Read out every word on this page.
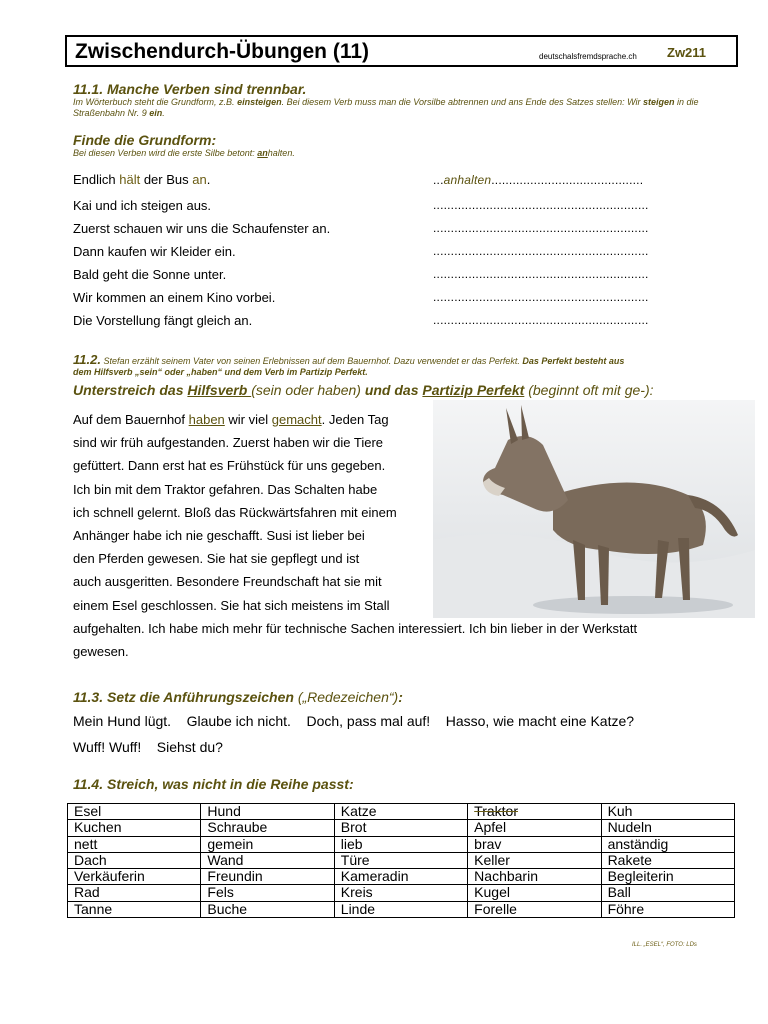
Zwischendurch-Übungen (11)	deutschalsfremdsprache.ch Zw211
11.1. Manche Verben sind trennbar.
Im Wörterbuch steht die Grundform, z.B. einsteigen. Bei diesem Verb muss man die Vorsilbe abtrennen und ans Ende des Satzes stellen: Wir steigen in die Straßenbahn Nr. 9 ein.
Finde die Grundform:
Bei diesen Verben wird die erste Silbe betont: anhalten.
Endlich hält der Bus an.	...anhalten...........................................
Kai und ich steigen aus.	.............................................................
Zuerst schauen wir uns die Schaufenster an.	.............................................................
Dann kaufen wir Kleider ein.	.............................................................
Bald geht die Sonne unter.	.............................................................
Wir kommen an einem Kino vorbei.	.............................................................
Die Vorstellung fängt gleich an.	.............................................................
11.2. Stefan erzählt seinem Vater von seinen Erlebnissen auf dem Bauernhof. Dazu verwendet er das Perfekt. Das Perfekt besteht aus
dem Hilfsverb „sein“ oder „haben“ und dem Verb im Partizip Perfekt.
Unterstreich das Hilfsverb (sein oder haben) und das Partizip Perfekt (beginnt oft mit ge-):
Auf dem Bauernhof haben wir viel gemacht. Jeden Tag
sind wir früh aufgestanden. Zuerst haben wir die Tiere
gefüttert. Dann erst hat es Frühstück für uns gegeben.
Ich bin mit dem Traktor gefahren. Das Schalten habe
ich schnell gelernt. Bloß das Rückwärtsfahren mit einem
Anhänger habe ich nie geschafft. Susi ist lieber bei
den Pferden gewesen. Sie hat sie gepflegt und ist
auch ausgeritten. Besondere Freundschaft hat sie mit
einem Esel geschlossen. Sie hat sich meistens im Stall
aufgehalten. Ich habe mich mehr für technische Sachen interessiert. Ich bin lieber in der Werkstatt
gewesen.
11.3. Setz die Anführungszeichen („Redezeichen“):
Mein Hund lügt.    Glaube ich nicht.    Doch, pass mal auf!    Hasso, wie macht eine Katze?
Wuff! Wuff!    Siehst du?
11.4. Streich, was nicht in die Reihe passt:
Esel	Hund	Katze	Traktor	Kuh
Kuchen	Schraube	Brot	Apfel	Nudeln
nett	gemein	lieb	brav	anständig
Dach	Wand	Türe	Keller	Rakete
Verkäuferin	Freundin	Kameradin	Nachbarin	Begleiterin
Rad	Fels	Kreis	Kugel	Ball
Tanne	Buche	Linde	Forelle	Föhre
ILL. „ESEL“, FOTO: LDs
